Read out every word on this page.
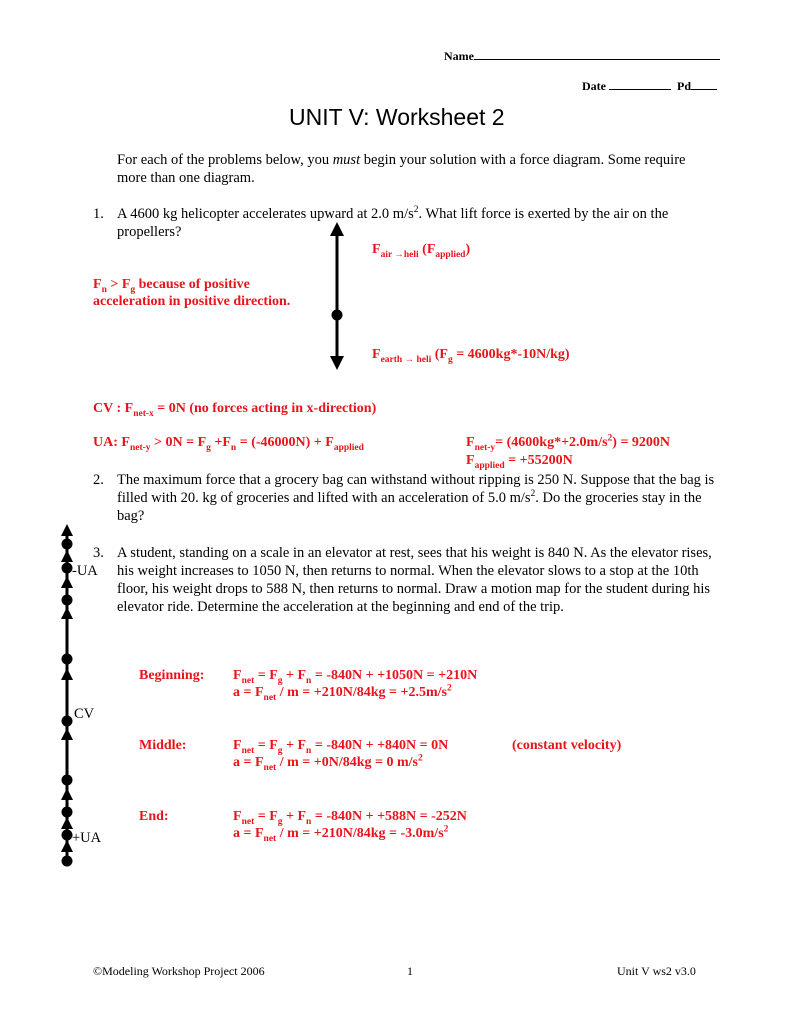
Name
Date	Pd
UNIT V: Worksheet 2
For each of the problems below, you must begin your solution with a force diagram. Some require more than one diagram.
1. A 4600 kg helicopter accelerates upward at 2.0 $m/s^2$. What lift force is exerted by the air on the propellers?
$F_{air \to heli}$ $(F_{applied})$
$F_n > F_g$ because of positive
acceleration in positive direction.
$F_{earth \to heli}$ $(F_g = 4600kg*-10N/kg)$
CV : $F_{net-x} = 0N$ (no forces acting in x-direction)
UA: $F_{net-y} > 0N = F_g +F_n = (-46000N) + F_{applied}$	$F_{net-y}= (4600kg*+2.0m/s^2) = 9200N$
$F_{applied} = +55200N$
2. The maximum force that a grocery bag can withstand without ripping is 250 N. Suppose that the bag is filled with 20. kg of groceries and lifted with an acceleration of 5.0 $m/s^2$. Do the groceries stay in the bag?
3. A student, standing on a scale in an elevator at rest, sees that his weight is 840 N. As the elevator rises, his weight increases to 1050 N, then returns to normal. When the elevator slows to a stop at the 10th floor, his weight drops to 588 N, then returns to normal. Draw a motion map for the student during his elevator ride. Determine the acceleration at the beginning and end of the trip.
-UA
CV
+UA
Beginning: $F_{net} = F_g + F_n = -840N + +1050N = +210N$
$a = F_{net} / m = +210N/84kg = +2.5m/s^2$
Middle:	$F_{net} = F_g + F_n = -840N + +840N = 0N$	(constant velocity)
$a = F_{net} / m = +0N/84kg = 0$ $m/s^2$
End:	$F_{net} = F_g + F_n = -840N + +588N = -252N$
$a = F_{net} / m = +210N/84kg = -3.0m/s^2$
©Modeling Workshop Project 2006	1	Unit V ws2 v3.0
